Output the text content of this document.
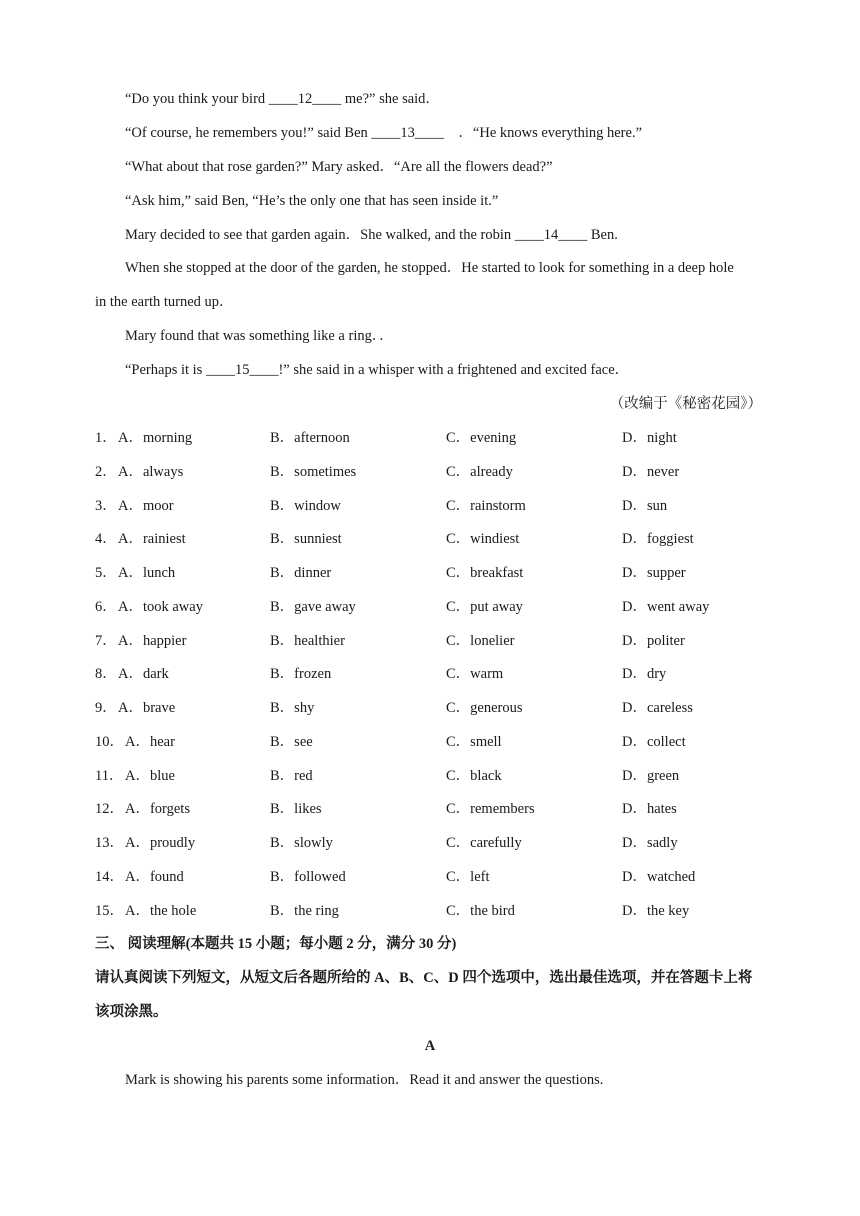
“Do you think your bird ____12____ me?” she said．
“Of course, he remembers you!” said Ben ____13____　．“He knows everything here.”
“What about that rose garden?” Mary asked．“Are all the flowers dead?”
“Ask him,” said Ben, “He’s the only one that has seen inside it.”
Mary decided to see that garden again．She walked, and the robin ____14____ Ben.
When she stopped at the door of the garden, he stopped．He started to look for something in a deep hole
in the earth turned up．
Mary found that was something like a ring．．
“Perhaps it is ____15____!” she said in a whisper with a frightened and excited face．
（改编于《秘密花园》）
1． A．morning	B．afternoon	C．evening	D．night
2． A．always	B．sometimes	C．already	D．never
3． A．moor	B．window	C．rainstorm	D．sun
4． A．rainiest	B．sunniest	C．windiest	D．foggiest
5． A．lunch	B．dinner	C．breakfast	D．supper
6． A．took away	B．gave away	C．put away	D．went away
7． A．happier	B．healthier	C．lonelier	D．politer
8． A．dark	B．frozen	C．warm	D．dry
9． A．brave	B．shy	C．generous	D．careless
10． A．hear	B．see	C．smell	D．collect
11． A．blue	B．red	C．black	D．green
12． A．forgets	B．likes	C．remembers	D．hates
13． A．proudly	B．slowly	C．carefully	D．sadly
14． A．found	B．followed	C．left	D．watched
15． A．the hole	B．the ring	C．the bird	D．the key
三、 阅读理解(本题共 15 小题；每小题 2 分，满分 30 分)
请认真阅读下列短文，从短文后各题所给的 A、B、C、D 四个选项中，选出最佳选项，并在答题卡上将
该项涂黑。
A
Mark is showing his parents some information．Read it and answer the questions.
